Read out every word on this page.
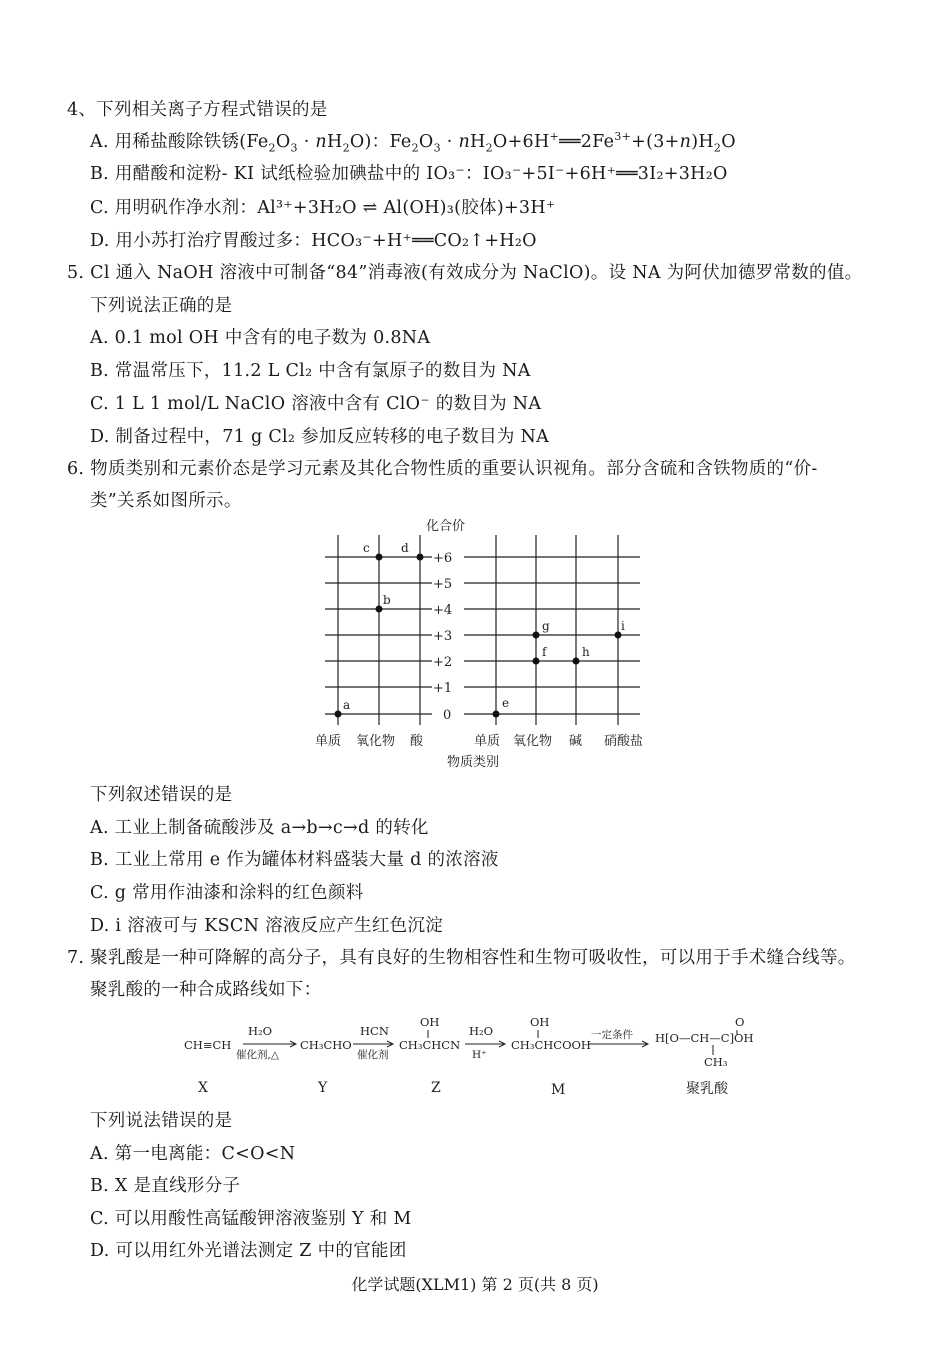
4、下列相关离子方程式错误的是
A. 用稀盐酸除铁锈$(Fe_2O_3 \cdot nH_2O)$：$Fe_2O_3$ · $nH_2O+6H^+══2Fe^{3+}+(3+n)H_2O$
B. 用醋酸和淀粉- KI 试纸检验加碘盐中的 IO₃⁻：IO₃⁻+5I⁻+6H⁺══3I₂+3H₂O
C. 用明矾作净水剂：Al³⁺+3H₂O ⇌ Al(OH)₃(胶体)+3H⁺
D. 用小苏打治疗胃酸过多：HCO₃⁻+H⁺══CO₂↑+H₂O
5. Cl 通入 NaOH 溶液中可制备“84”消毒液(有效成分为 NaClO)。设 NA 为阿伏加德罗常数的值。
下列说法正确的是
A. 0.1 mol OH 中含有的电子数为 0.8NA
B. 常温常压下，11.2 L Cl₂ 中含有氯原子的数目为 NA
C. 1 L 1 mol/L NaClO 溶液中含有 ClO⁻ 的数目为 NA
D. 制备过程中，71 g Cl₂ 参加反应转移的电子数目为 NA
6. 物质类别和元素价态是学习元素及其化合物性质的重要认识视角。部分含硫和含铁物质的“价-
类”关系如图所示。
化合价
+6
+5
+4
+3
+2
+1
0
单质 氧化物 酸	单质 氧化物 碱 硝酸盐
物质类别
a
b
c	d
e
f
g
h
i
CH≡CH
H₂O
催化剂,△
CH₃CHO
HCN
催化剂
OH
CH₃CHCN
H₂O
H⁺
OH
CH₃CHCOOH
一定条件 H[O—CH—C]OH
O
CH₃
X	Y	Z	M	聚乳酸
下列叙述错误的是
A. 工业上制备硫酸涉及 a→b→c→d 的转化
B. 工业上常用 e 作为罐体材料盛装大量 d 的浓溶液
C. g 常用作油漆和涂料的红色颜料
D. i 溶液可与 KSCN 溶液反应产生红色沉淀
7. 聚乳酸是一种可降解的高分子，具有良好的生物相容性和生物可吸收性，可以用于手术缝合线等。
聚乳酸的一种合成路线如下：
下列说法错误的是
A. 第一电离能：C<O<N
B. X 是直线形分子
C. 可以用酸性高锰酸钾溶液鉴别 Y 和 M
D. 可以用红外光谱法测定 Z 中的官能团
化学试题(XLM1) 第 2 页(共 8 页)
